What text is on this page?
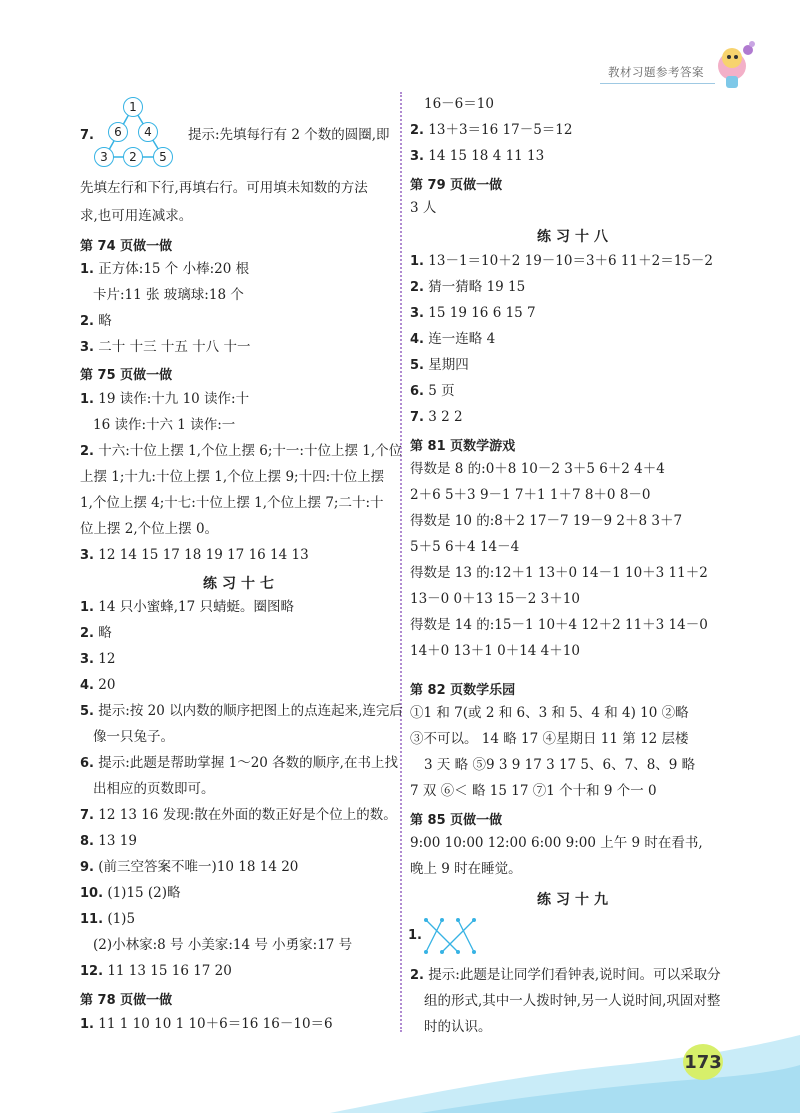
教材习题参考答案
7.
1
6	4
3	2	5
提示:先填每行有 2 个数的圆圈,即
先填左行和下行,再填右行。可用填未知数的方法
求,也可用连减求。
第 74 页做一做
1. 正方体:15 个 小棒:20 根
卡片:11 张 玻璃球:18 个
2. 略
3. 二十 十三 十五 十八 十一
第 75 页做一做
1. 19 读作:十九 10 读作:十
16 读作:十六 1 读作:一
2. 十六:十位上摆 1,个位上摆 6;十一:十位上摆 1,个位
上摆 1;十九:十位上摆 1,个位上摆 9;十四:十位上摆
1,个位上摆 4;十七:十位上摆 1,个位上摆 7;二十:十
位上摆 2,个位上摆 0。
3. 12 14 15 17 18 19 17 16 14 13
练习十七
1. 14 只小蜜蜂,17 只蜻蜓。圈图略
2. 略
3. 12
4. 20
5. 提示:按 20 以内数的顺序把图上的点连起来,连完后
像一只兔子。
6. 提示:此题是帮助掌握 1～20 各数的顺序,在书上找
出相应的页数即可。
7. 12 13 16 发现:散在外面的数正好是个位上的数。
8. 13 19
9. (前三空答案不唯一)10 18 14 20
10. (1)15 (2)略
11. (1)5
(2)小林家:8 号 小美家:14 号 小勇家:17 号
12. 11 13 15 16 17 20
第 78 页做一做
1. 11 1 10 10 1 10＋6＝16 16－10＝6
16－6＝10
2. 13＋3＝16 17－5＝12
3. 14 15 18 4 11 13
第 79 页做一做
3 人
练习十八
1. 13－1＝10＋2 19－10＝3＋6 11＋2＝15－2
2. 猜一猜略 19 15
3. 15 19 16 6 15 7
4. 连一连略 4
5. 星期四
6. 5 页
7. 3 2 2
第 81 页数学游戏
得数是 8 的:0＋8 10－2 3＋5 6＋2 4＋4
2＋6 5＋3 9－1 7＋1 1＋7 8＋0 8－0
得数是 10 的:8＋2 17－7 19－9 2＋8 3＋7
5＋5 6＋4 14－4
得数是 13 的:12＋1 13＋0 14－1 10＋3 11＋2
13－0 0＋13 15－2 3＋10
得数是 14 的:15－1 10＋4 12＋2 11＋3 14－0
14＋0 13＋1 0＋14 4＋10
第 82 页数学乐园
①1 和 7(或 2 和 6、3 和 5、4 和 4) 10 ②略
③不可以。 14 略 17 ④星期日 11 第 12 层楼
3 天 略 ⑤9 3 9 17 3 17 5、6、7、8、9 略
7 双 ⑥＜ 略 15 17 ⑦1 个十和 9 个一 0
第 85 页做一做
9:00 10:00 12:00 6:00 9:00 上午 9 时在看书,
晚上 9 时在睡觉。
练习十九
1.
2. 提示:此题是让同学们看钟表,说时间。可以采取分
组的形式,其中一人拨时钟,另一人说时间,巩固对整
时的认识。
173
